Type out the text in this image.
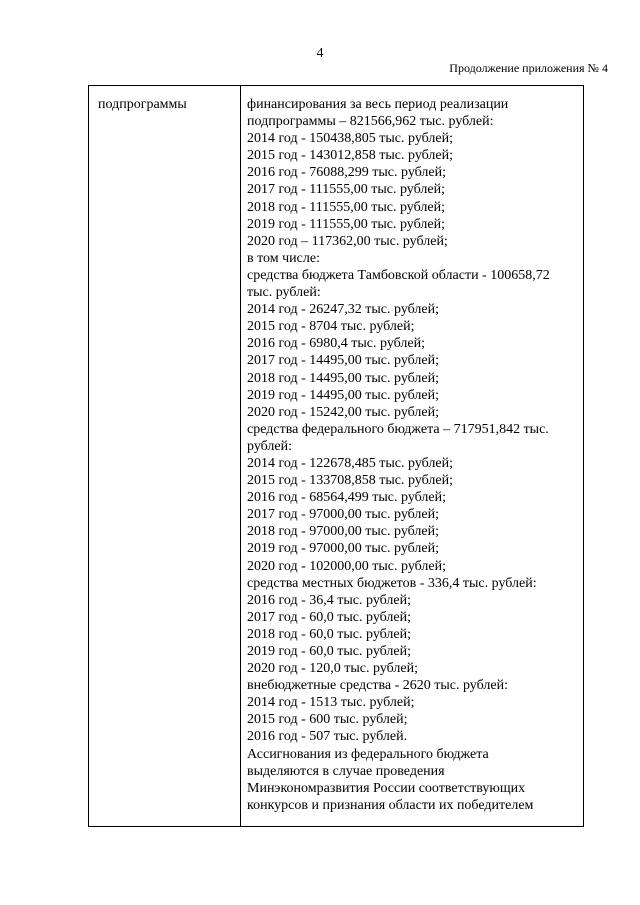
4
Продолжение приложения № 4
подпрограммы	финансирования за весь период реализации
подпрограммы – 821566,962 тыс. рублей:
2014 год - 150438,805 тыс. рублей;
2015 год - 143012,858 тыс. рублей;
2016 год - 76088,299 тыс. рублей;
2017 год - 111555,00 тыс. рублей;
2018 год - 111555,00 тыс. рублей;
2019 год - 111555,00 тыс. рублей;
2020 год – 117362,00 тыс. рублей;
в том числе:
средства бюджета Тамбовской области - 100658,72
тыс. рублей:
2014 год - 26247,32 тыс. рублей;
2015 год - 8704 тыс. рублей;
2016 год - 6980,4 тыс. рублей;
2017 год - 14495,00 тыс. рублей;
2018 год - 14495,00 тыс. рублей;
2019 год - 14495,00 тыс. рублей;
2020 год - 15242,00 тыс. рублей;
средства федерального бюджета – 717951,842 тыс.
рублей:
2014 год - 122678,485 тыс. рублей;
2015 год - 133708,858 тыс. рублей;
2016 год - 68564,499 тыс. рублей;
2017 год - 97000,00 тыс. рублей;
2018 год - 97000,00 тыс. рублей;
2019 год - 97000,00 тыс. рублей;
2020 год - 102000,00 тыс. рублей;
средства местных бюджетов - 336,4 тыс. рублей:
2016 год - 36,4 тыс. рублей;
2017 год - 60,0 тыс. рублей;
2018 год - 60,0 тыс. рублей;
2019 год - 60,0 тыс. рублей;
2020 год - 120,0 тыс. рублей;
внебюджетные средства - 2620 тыс. рублей:
2014 год - 1513 тыс. рублей;
2015 год - 600 тыс. рублей;
2016 год - 507 тыс. рублей.
Ассигнования из федерального бюджета
выделяются в случае проведения
Минэкономразвития России соответствующих
конкурсов и признания области их победителем
